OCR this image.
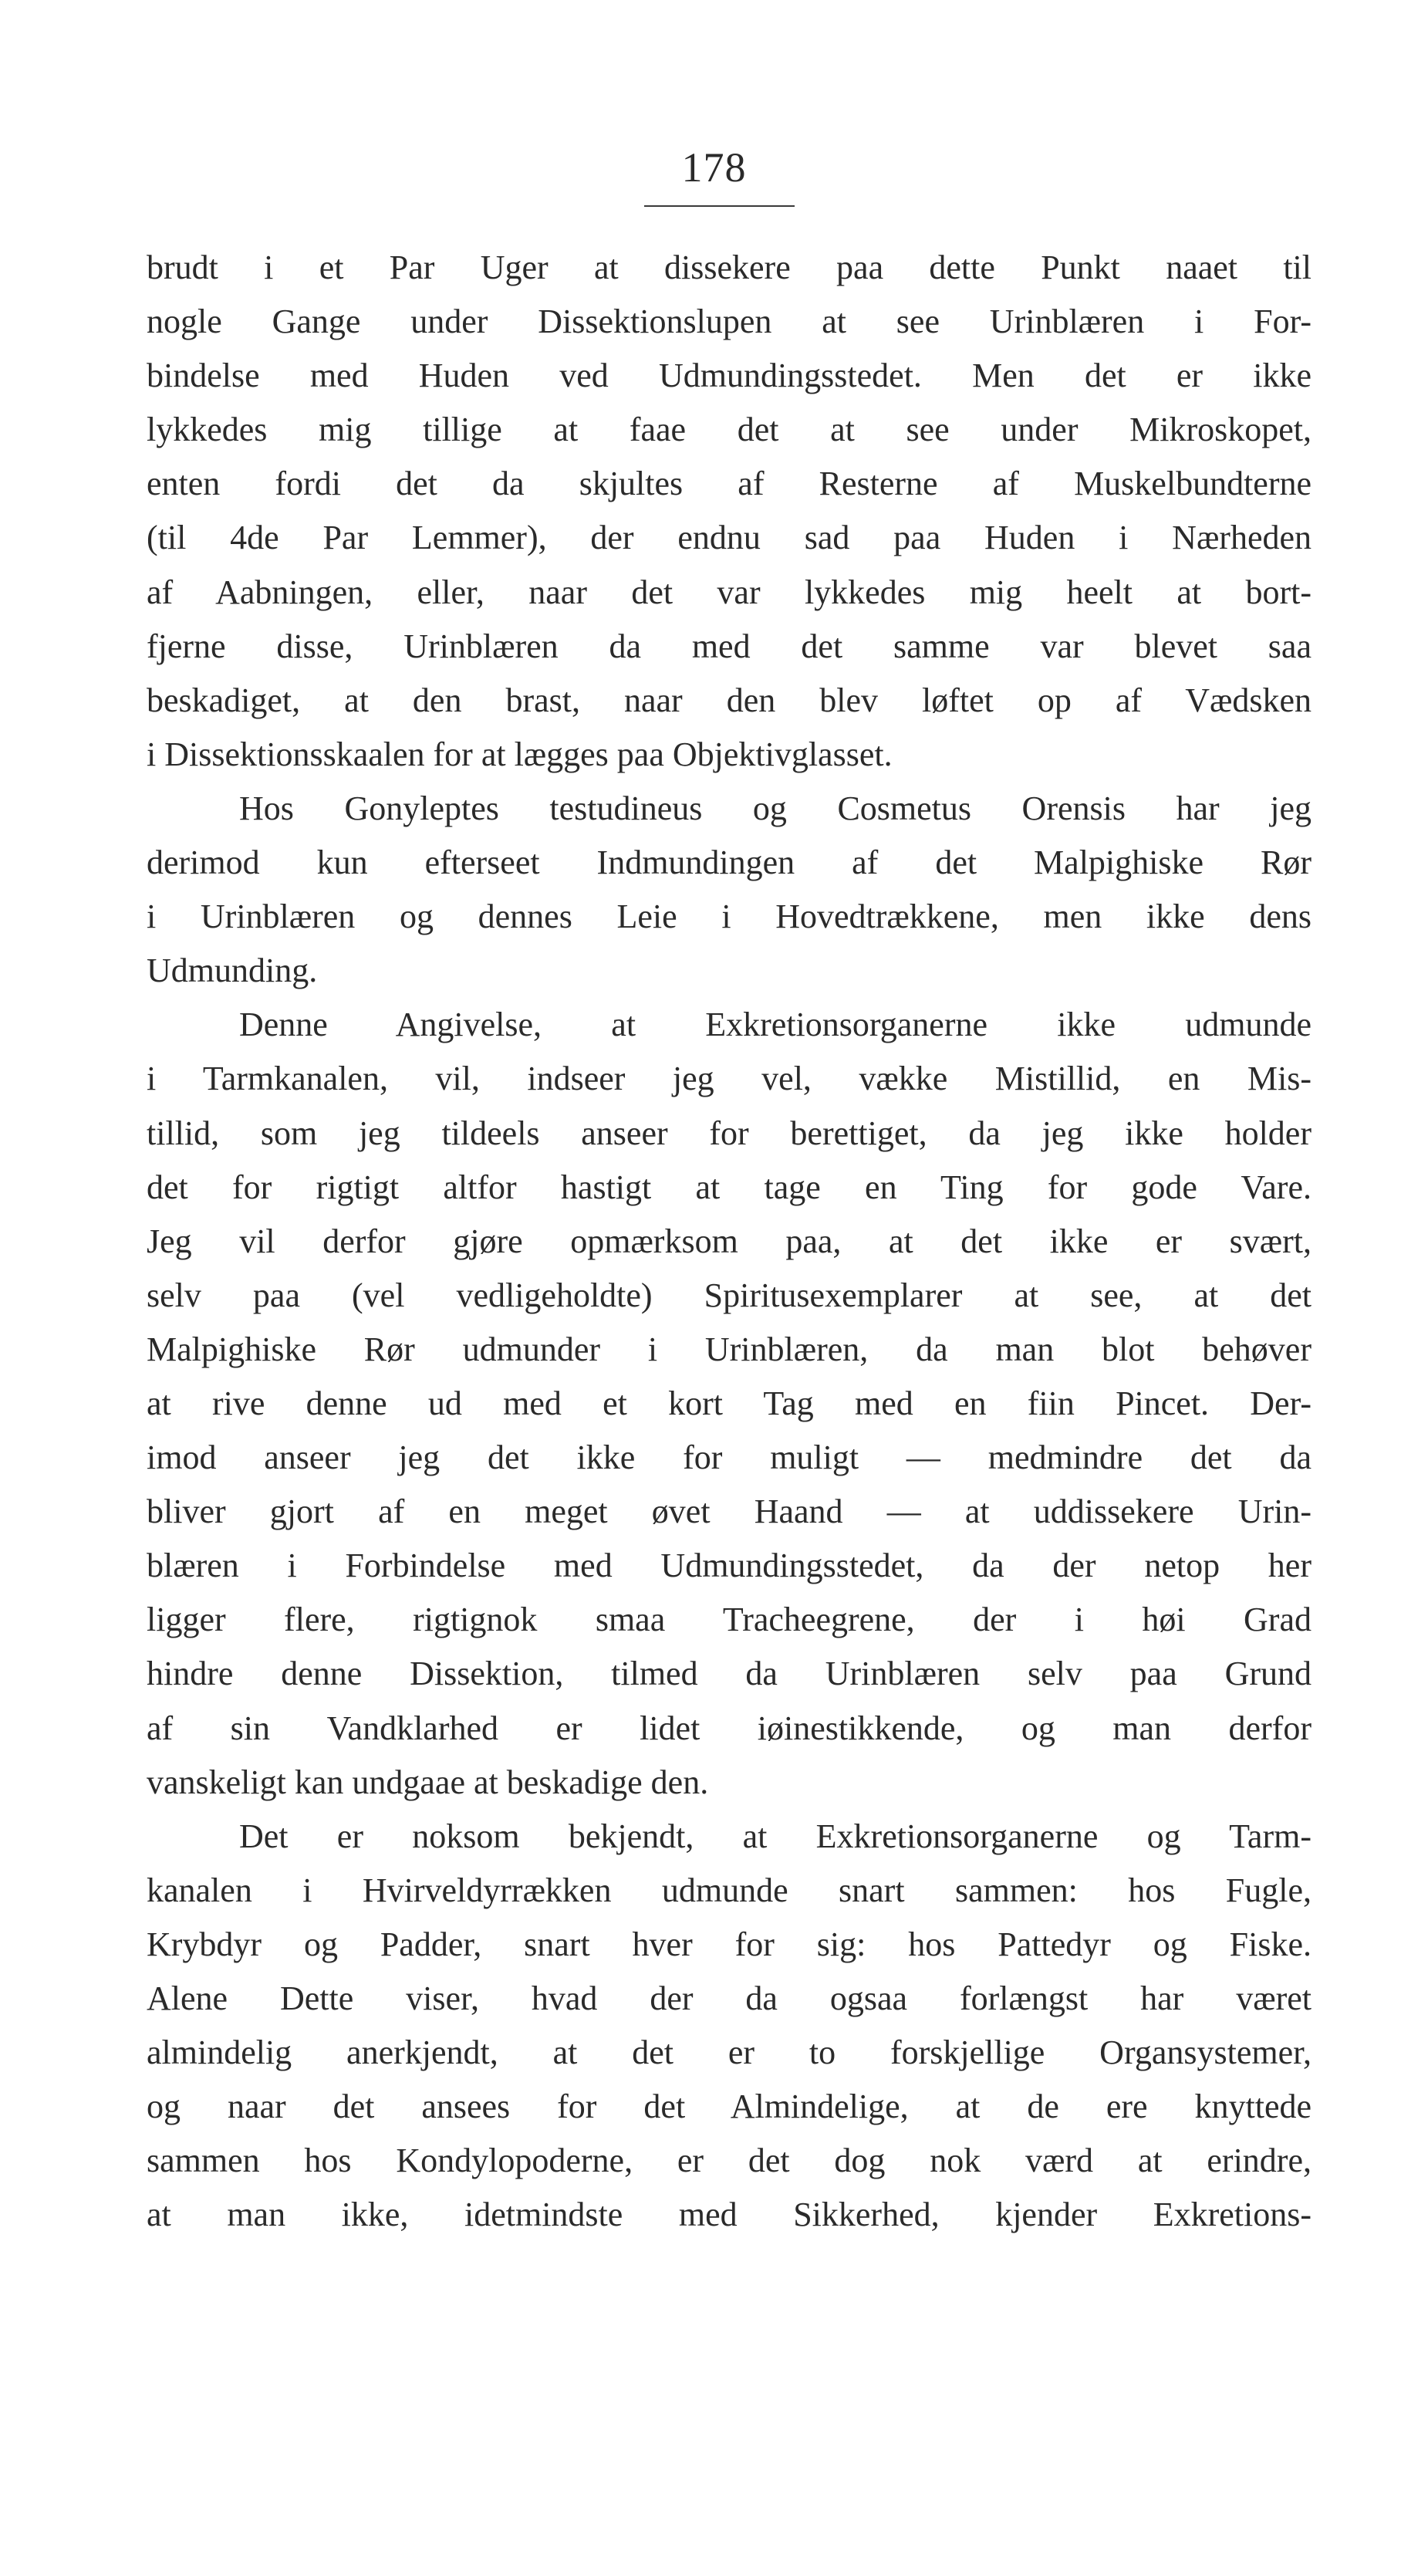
178
brudt i et Par Uger at dissekere paa dette Punkt naaet til
nogle Gange under Dissektionslupen at see Urinblæren i For-
bindelse med Huden ved Udmundingsstedet. Men det er ikke
lykkedes mig tillige at faae det at see under Mikroskopet,
enten fordi det da skjultes af Resterne af Muskelbundterne
(til 4de Par Lemmer), der endnu sad paa Huden i Nærheden
af Aabningen, eller, naar det var lykkedes mig heelt at bort-
fjerne disse, Urinblæren da med det samme var blevet saa
beskadiget, at den brast, naar den blev løftet op af Vædsken
i Dissektionsskaalen for at lægges paa Objektivglasset.
Hos Gonyleptes testudineus og Cosmetus Orensis har jeg
derimod kun efterseet Indmundingen af det Malpighiske Rør
i Urinblæren og dennes Leie i Hovedtrækkene, men ikke dens
Udmunding.
Denne Angivelse, at Exkretionsorganerne ikke udmunde
i Tarmkanalen, vil, indseer jeg vel, vække Mistillid, en Mis-
tillid, som jeg tildeels anseer for berettiget, da jeg ikke holder
det for rigtigt altfor hastigt at tage en Ting for gode Vare.
Jeg vil derfor gjøre opmærksom paa, at det ikke er svært,
selv paa (vel vedligeholdte) Spiritusexemplarer at see, at det
Malpighiske Rør udmunder i Urinblæren, da man blot behøver
at rive denne ud med et kort Tag med en fiin Pincet. Der-
imod anseer jeg det ikke for muligt — medmindre det da
bliver gjort af en meget øvet Haand — at uddissekere Urin-
blæren i Forbindelse med Udmundingsstedet, da der netop her
ligger flere, rigtignok smaa Tracheegrene, der i høi Grad
hindre denne Dissektion, tilmed da Urinblæren selv paa Grund
af sin Vandklarhed er lidet iøinestikkende, og man derfor
vanskeligt kan undgaae at beskadige den.
Det er noksom bekjendt, at Exkretionsorganerne og Tarm-
kanalen i Hvirveldyrrækken udmunde snart sammen: hos Fugle,
Krybdyr og Padder, snart hver for sig: hos Pattedyr og Fiske.
Alene Dette viser, hvad der da ogsaa forlængst har været
almindelig anerkjendt, at det er to forskjellige Organsystemer,
og naar det ansees for det Almindelige, at de ere knyttede
sammen hos Kondylopoderne, er det dog nok værd at erindre,
at man ikke, idetmindste med Sikkerhed, kjender Exkretions-
